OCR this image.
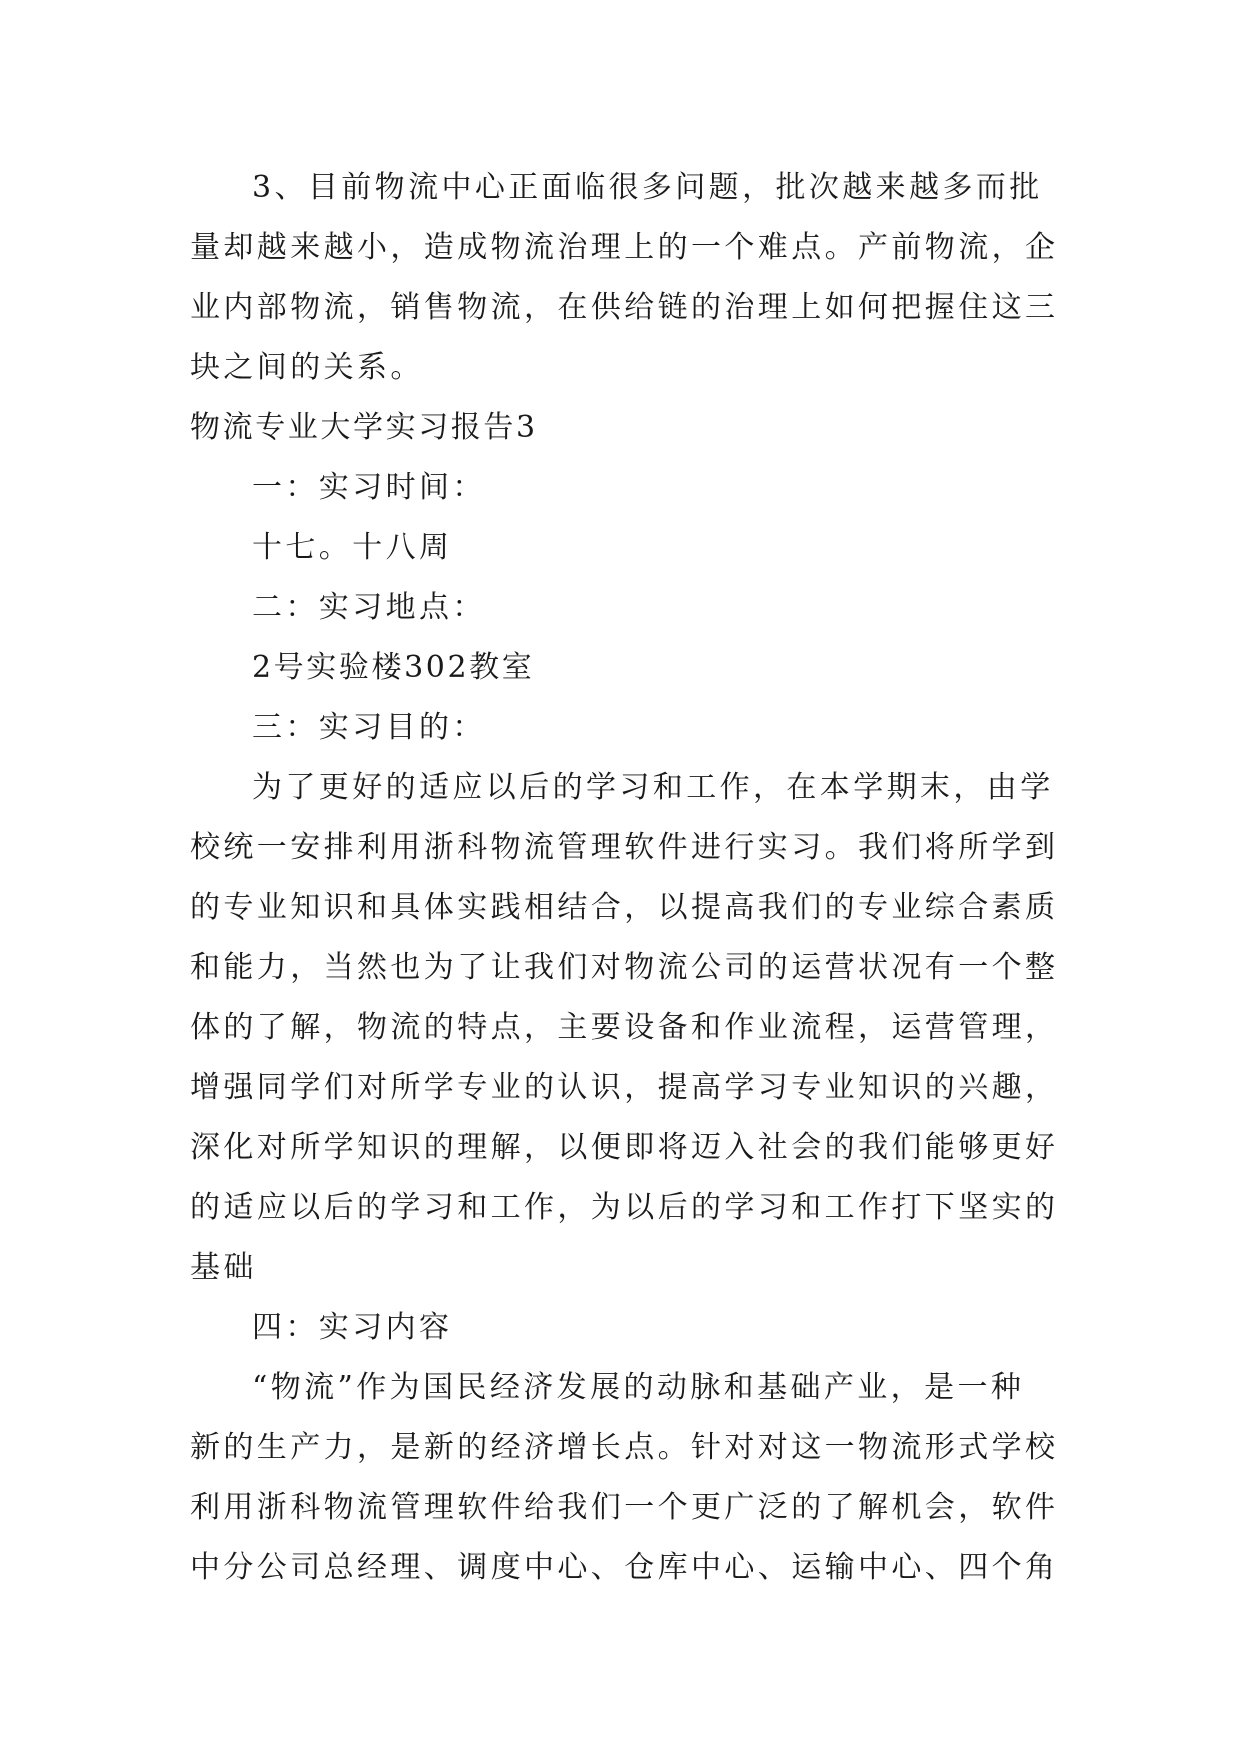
3、目前物流中心正面临很多问题，批次越来越多而批
量却越来越小，造成物流治理上的一个难点。产前物流，企
业内部物流，销售物流，在供给链的治理上如何把握住这三
块之间的关系。
物流专业大学实习报告3
一：实习时间：
十七。十八周
二：实习地点：
2号实验楼302教室
三：实习目的：
为了更好的适应以后的学习和工作，在本学期末，由学
校统一安排利用浙科物流管理软件进行实习。我们将所学到
的专业知识和具体实践相结合，以提高我们的专业综合素质
和能力，当然也为了让我们对物流公司的运营状况有一个整
体的了解，物流的特点，主要设备和作业流程，运营管理，
增强同学们对所学专业的认识，提高学习专业知识的兴趣，
深化对所学知识的理解，以便即将迈入社会的我们能够更好
的适应以后的学习和工作，为以后的学习和工作打下坚实的
基础
四：实习内容
“物流”作为国民经济发展的动脉和基础产业，是一种
新的生产力，是新的经济增长点。针对对这一物流形式学校
利用浙科物流管理软件给我们一个更广泛的了解机会，软件
中分公司总经理、调度中心、仓库中心、运输中心、四个角
